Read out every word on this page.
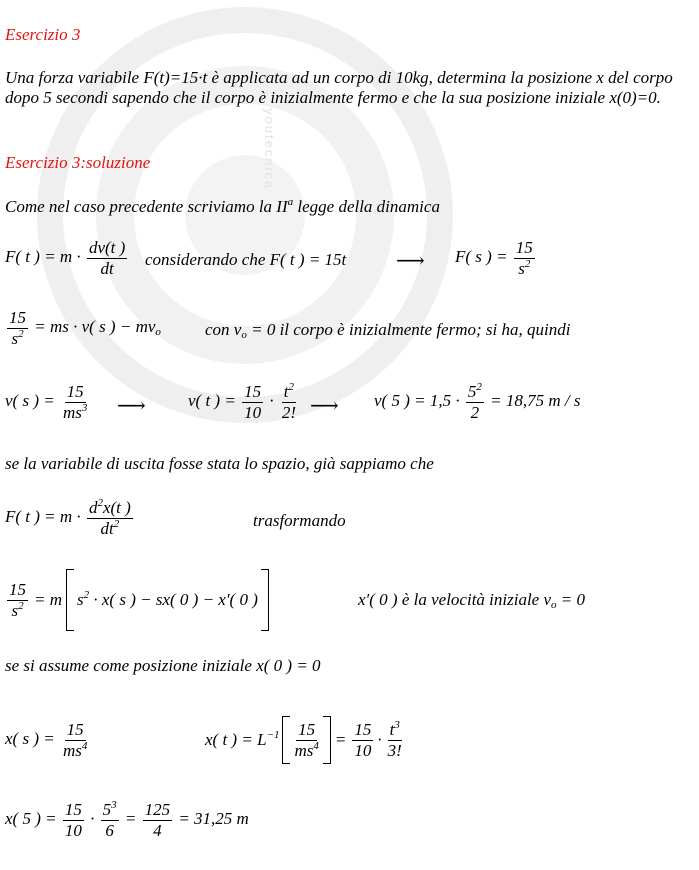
youtecnica
Esercizio 3
Una forza variabile F(t)=15·t è applicata ad un corpo di 10kg, determina la posizione x del corpo dopo 5 secondi sapendo che il corpo è inizialmente fermo e che la sua posizione iniziale x(0)=0.
Esercizio 3:soluzione
Come nel caso precedente scriviamo la $II^a$ legge della dinamica
F( t ) = $m \cdot \frac{dv(t )}{dt}$ considerando che F( t ) = 15t ⟶ F( s ) = $\frac{15}{s^2}$
$\frac{15}{s^2}$ = ms · v( s ) − $mv_o$	con $v_o = 0$ il corpo è inizialmente fermo; si ha, quindi
v( s ) = $\frac{15}{ms^3}$ ⟶ v( t ) = $\frac{15}{10} \cdot \frac{t^2}{2!}$ ⟶ v( 5 ) = $1,5 \cdot \frac{5^2}{2} = 18,75$ m / s
se la variabile di uscita fosse stata lo spazio, già sappiamo che
F( t ) = $m \cdot \frac{d^2x(t )}{dt^2}$	trasformando
$\frac{15}{s^2} = m$ $s^2 \cdot x$( s ) − sx( 0 ) − x′( 0 )	x′( 0 ) è la velocità iniziale $v_o = 0$
se si assume come posizione iniziale x( 0 ) = 0
x( s ) = $\frac{15}{ms^4}$	x( t ) = $L^{-1} \frac{15}{ms^4} = \frac{15}{10} \cdot \frac{t^3}{3!}$
x( 5 ) = $\frac{15}{10} \cdot \frac{5^3}{6} = \frac{125}{4} = 31,25$ m
